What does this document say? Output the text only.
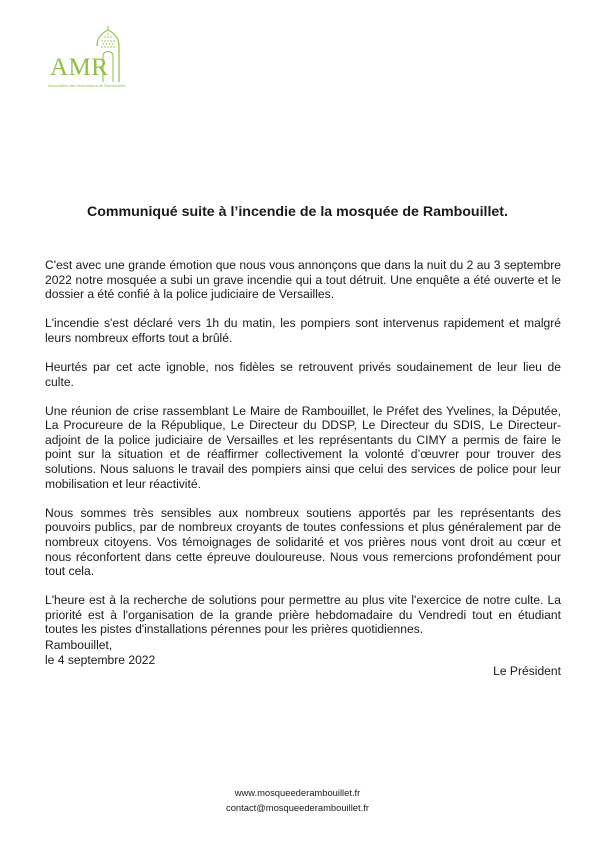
AMR
Association des Musulmans de Rambouillet
Communiqué suite à l’incendie de la mosquée de Rambouillet.

C'est avec une grande émotion que nous vous annonçons que dans la nuit du 2 au 3 septembre 2022 notre mosquée a subi un grave incendie qui a tout détruit. Une enquête a été ouverte et le dossier a été confié à la police judiciaire de Versailles.

L'incendie s'est déclaré vers 1h du matin, les pompiers sont intervenus rapidement et malgré leurs nombreux efforts tout a brûlé.

Heurtés par cet acte ignoble, nos fidèles se retrouvent privés soudainement de leur lieu de culte.

Une réunion de crise rassemblant Le Maire de Rambouillet, le Préfet des Yvelines, la Députée, La Procureure de la République, Le Directeur du DDSP, Le Directeur du SDIS, Le Directeur-adjoint de la police judiciaire de Versailles et les représentants du CIMY a permis de faire le point sur la situation et de réaffirmer collectivement la volonté d’œuvrer pour trouver des solutions. Nous saluons le travail des pompiers ainsi que celui des services de police pour leur mobilisation et leur réactivité.

Nous sommes très sensibles aux nombreux soutiens apportés par les représentants des pouvoirs publics, par de nombreux croyants de toutes confessions et plus généralement par de nombreux citoyens. Vos témoignages de solidarité et vos prières nous vont droit au cœur et nous réconfortent dans cette épreuve douloureuse. Nous vous remercions profondément pour tout cela.

L'heure est à la recherche de solutions pour permettre au plus vite l'exercice de notre culte. La priorité est à l'organisation de la grande prière hebdomadaire du Vendredi tout en étudiant toutes les pistes d'installations pérennes pour les prières quotidiennes.

Rambouillet,
le 4 septembre 2022
Le Président
www.mosqueederambouillet.fr
contact@mosqueederambouillet.fr
